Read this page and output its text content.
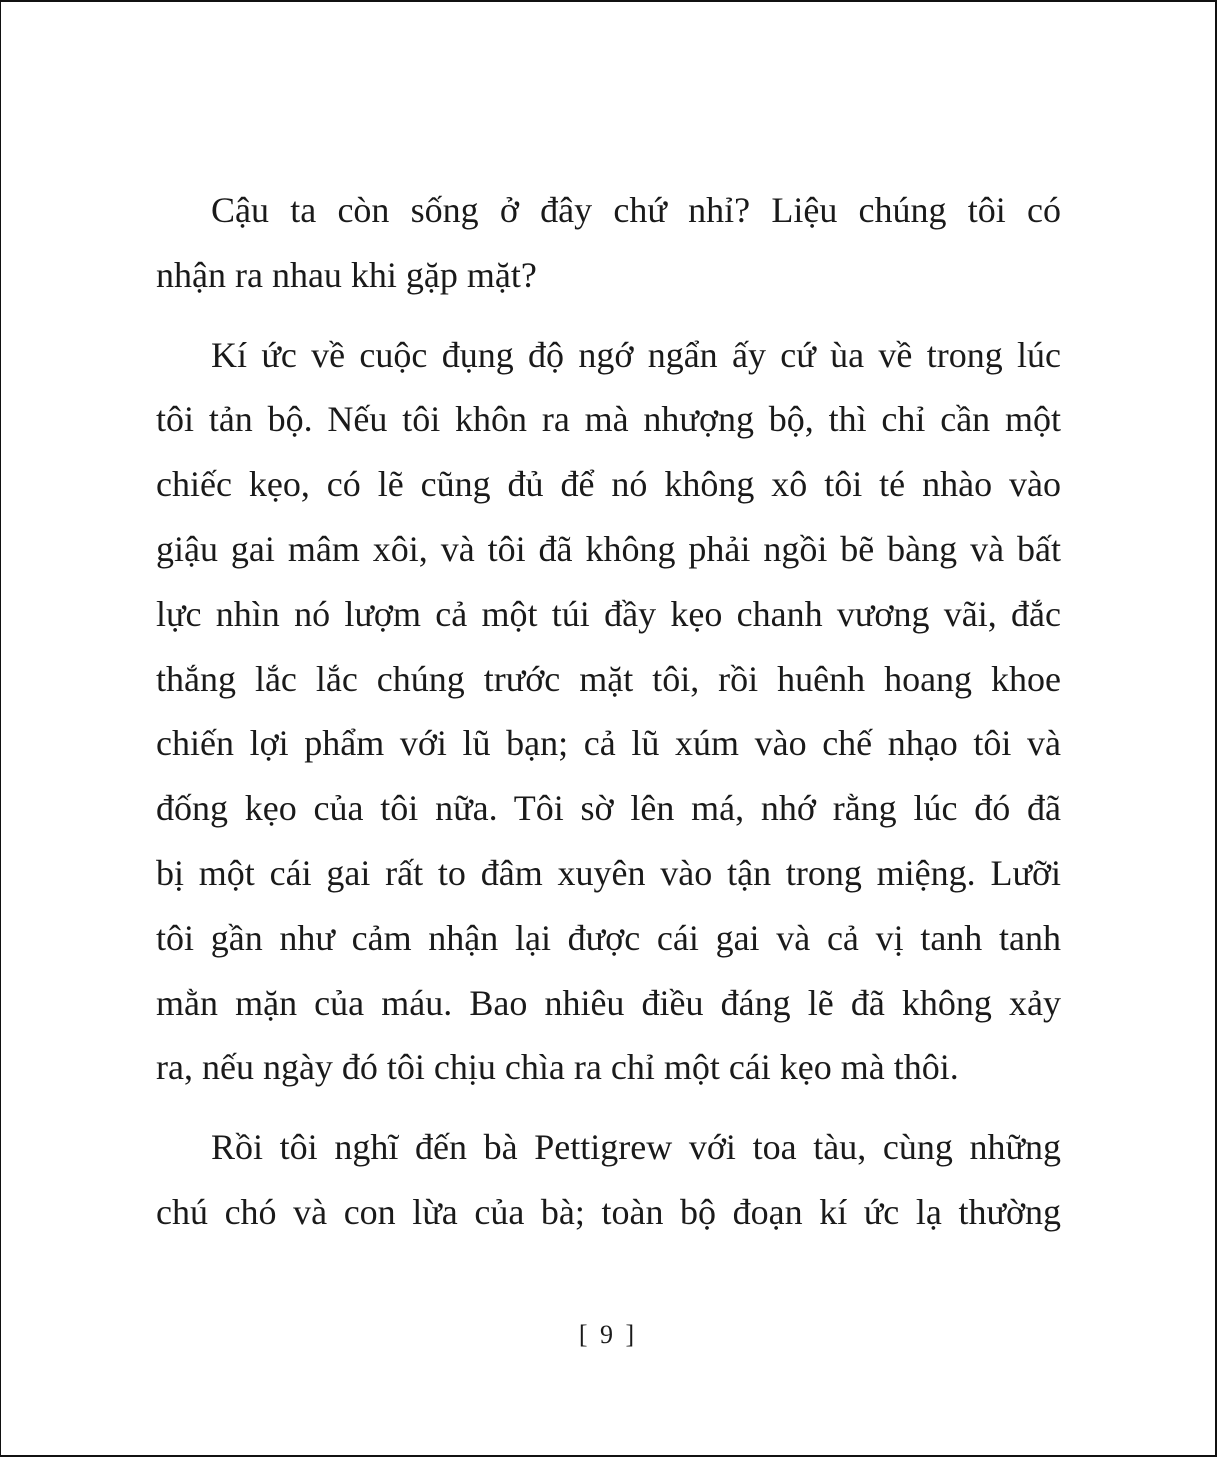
Cậu ta còn sống ở đây chứ nhỉ? Liệu chúng tôi có
nhận ra nhau khi gặp mặt?
Kí ức về cuộc đụng độ ngớ ngẩn ấy cứ ùa về trong lúc
tôi tản bộ. Nếu tôi khôn ra mà nhượng bộ, thì chỉ cần một
chiếc kẹo, có lẽ cũng đủ để nó không xô tôi té nhào vào
giậu gai mâm xôi, và tôi đã không phải ngồi bẽ bàng và bất
lực nhìn nó lượm cả một túi đầy kẹo chanh vương vãi, đắc
thắng lắc lắc chúng trước mặt tôi, rồi huênh hoang khoe
chiến lợi phẩm với lũ bạn; cả lũ xúm vào chế nhạo tôi và
đống kẹo của tôi nữa. Tôi sờ lên má, nhớ rằng lúc đó đã
bị một cái gai rất to đâm xuyên vào tận trong miệng. Lưỡi
tôi gần như cảm nhận lại được cái gai và cả vị tanh tanh
mằn mặn của máu. Bao nhiêu điều đáng lẽ đã không xảy
ra, nếu ngày đó tôi chịu chìa ra chỉ một cái kẹo mà thôi.
Rồi tôi nghĩ đến bà Pettigrew với toa tàu, cùng những
chú chó và con lừa của bà; toàn bộ đoạn kí ức lạ thường
[ 9 ]
